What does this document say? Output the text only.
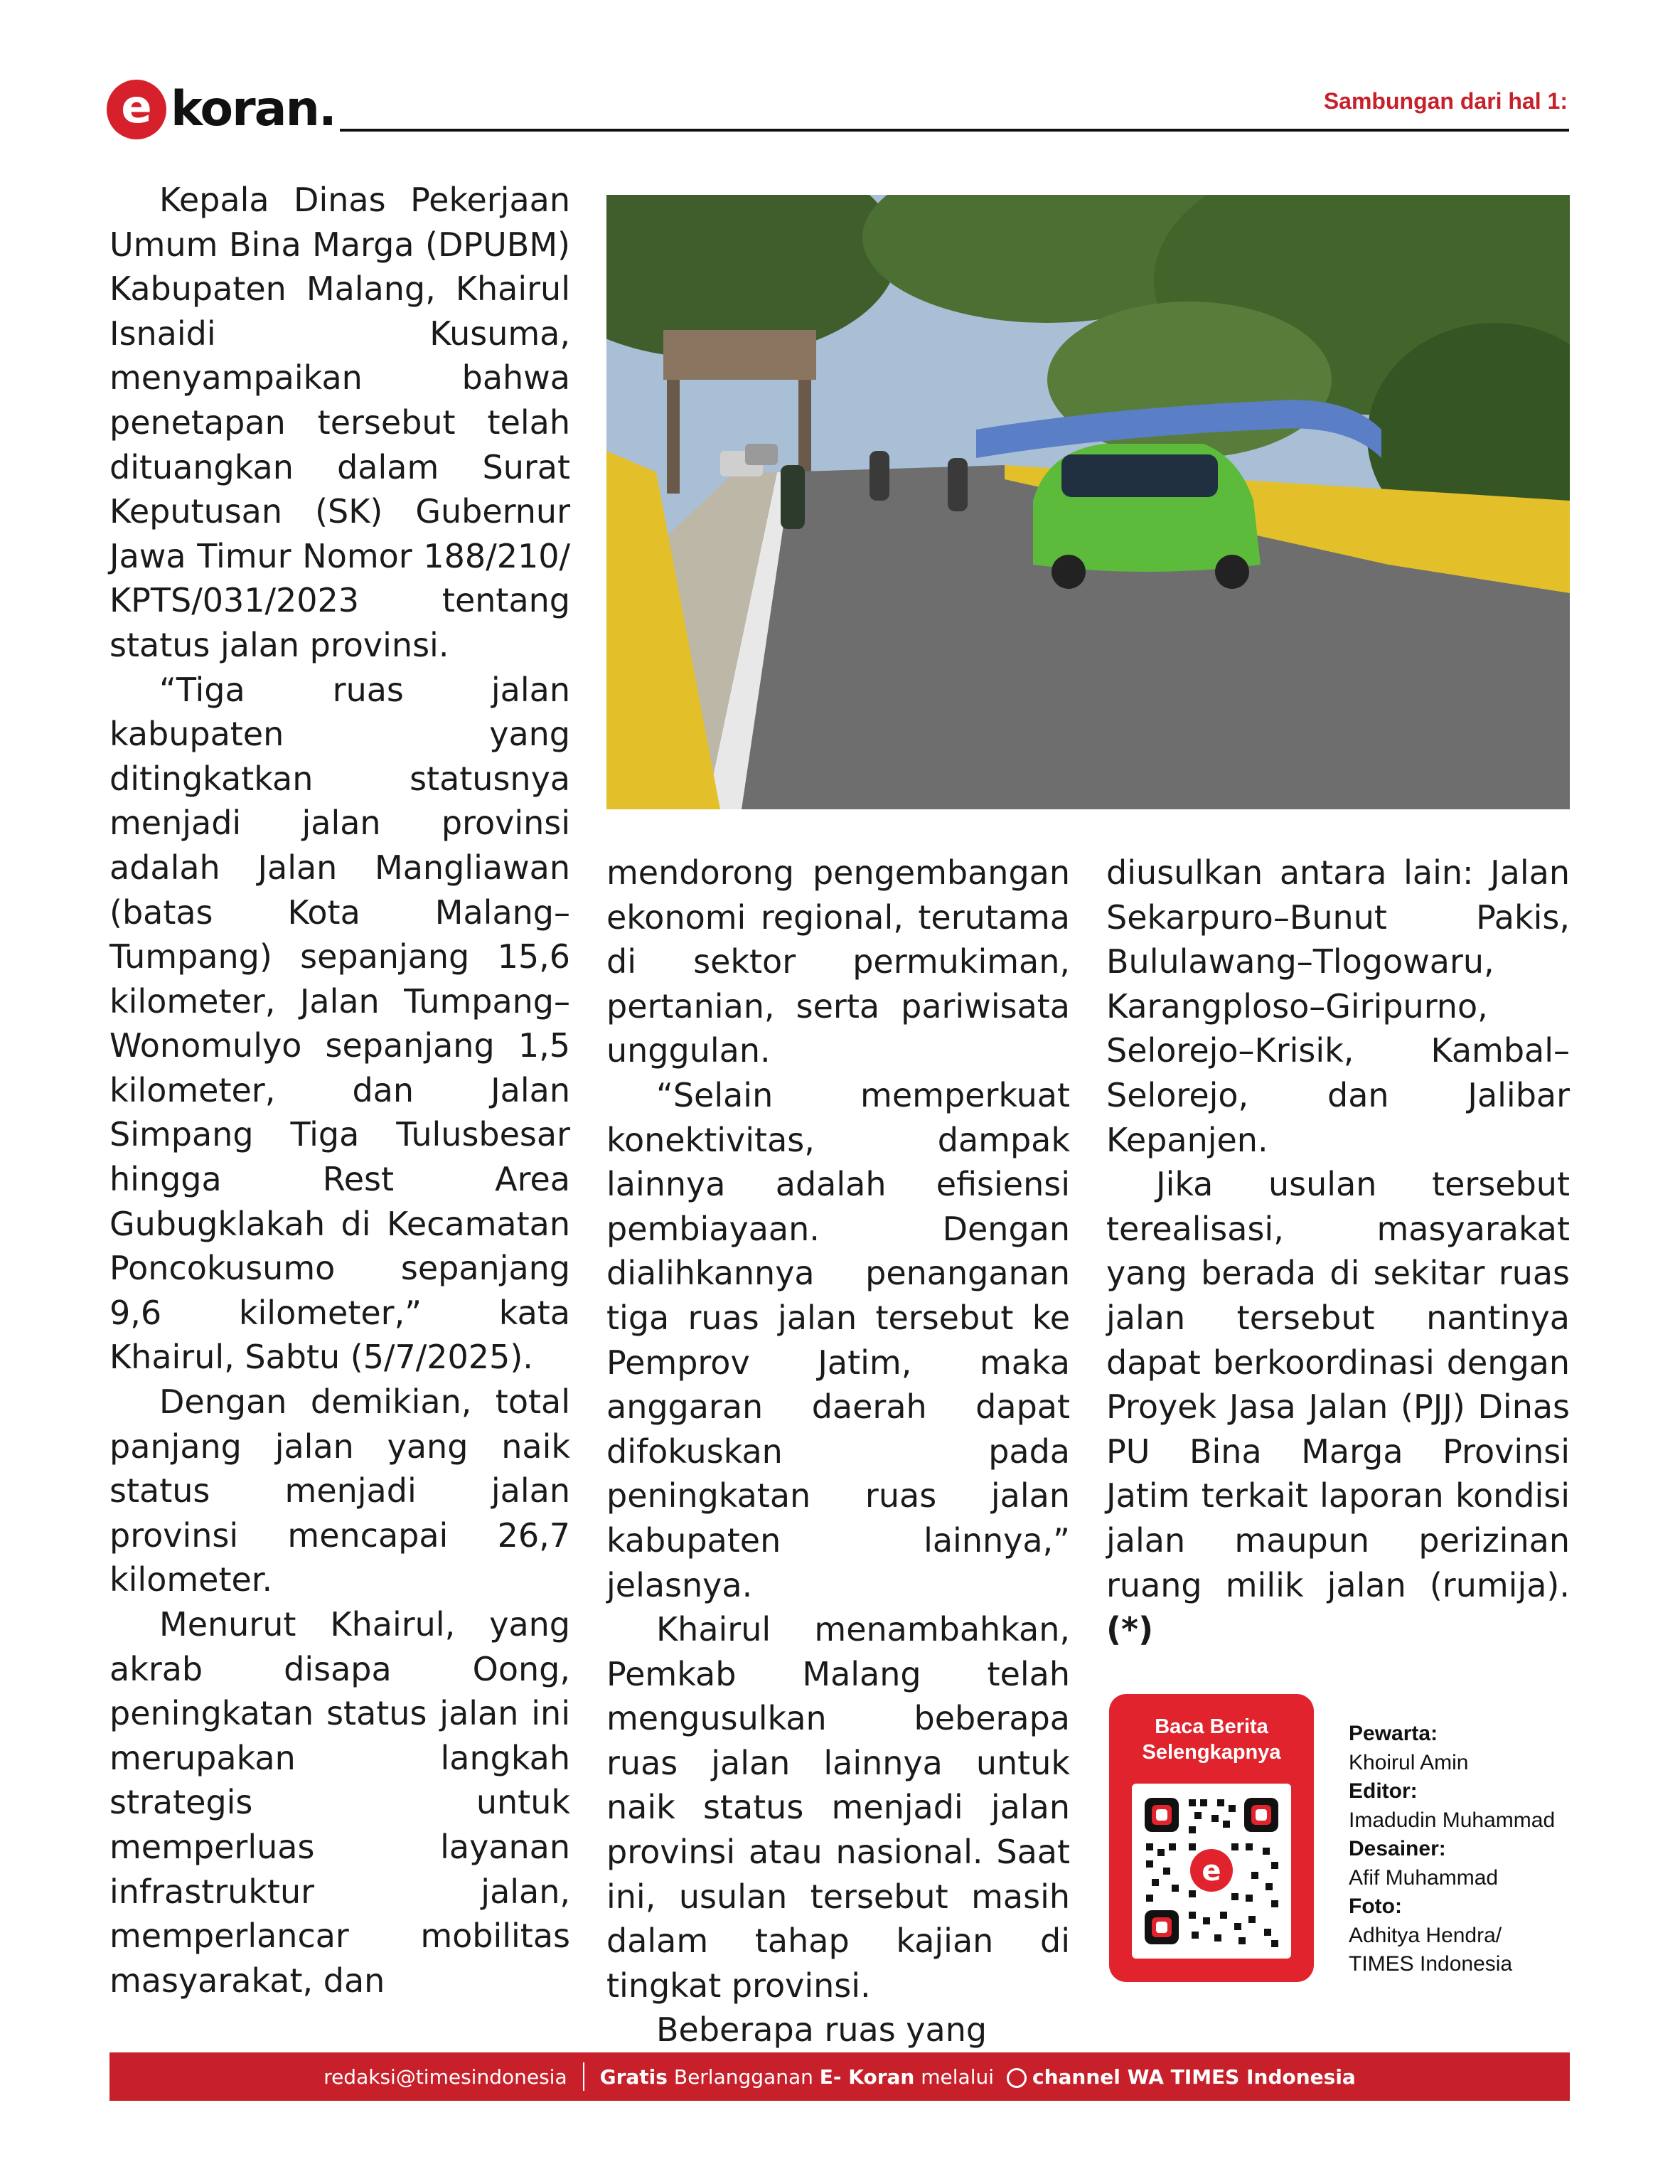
e koran.	Sambungan dari hal 1:

Kepala Dinas Pekerjaan Umum Bina Marga (DPUBM) Kabupaten Malang, Khairul Isnaidi Kusuma, menyampaikan bahwa penetapan tersebut telah dituangkan dalam Surat Keputusan (SK) Gubernur Jawa Timur Nomor 188/210/ KPTS/031/2023 tentang status jalan provinsi.

“Tiga ruas jalan kabupaten yang ditingkatkan statusnya menjadi jalan provinsi adalah Jalan Mangliawan (batas Kota Malang–Tumpang) sepanjang 15,6 kilometer, Jalan Tumpang–Wonomulyo sepanjang 1,5 kilometer, dan Jalan Simpang Tiga Tulusbesar hingga Rest Area Gubugklakah di Kecamatan Poncokusumo sepanjang 9,6 kilometer,” kata Khairul, Sabtu (5/7/2025).

Dengan demikian, total panjang jalan yang naik status menjadi jalan provinsi mencapai 26,7 kilometer.

Menurut Khairul, yang akrab disapa Oong, peningkatan status jalan ini merupakan langkah strategis untuk memperluas layanan infrastruktur jalan, memperlancar mobilitas masyarakat, dan

mendorong pengembangan ekonomi regional, terutama di sektor permukiman, pertanian, serta pariwisata unggulan.

“Selain memperkuat konektivitas, dampak lainnya adalah efisiensi pembiayaan. Dengan dialihkannya penanganan tiga ruas jalan tersebut ke Pemprov Jatim, maka anggaran daerah dapat difokuskan pada peningkatan ruas jalan kabupaten lainnya,” jelasnya.

Khairul menambahkan, Pemkab Malang telah mengusulkan beberapa ruas jalan lainnya untuk naik status menjadi jalan provinsi atau nasional. Saat ini, usulan tersebut masih dalam tahap kajian di tingkat provinsi.

Beberapa ruas yang

diusulkan antara lain: Jalan Sekarpuro–Bunut Pakis, Bululawang–Tlogowaru, Karangploso–Giripurno, Selorejo–Krisik, Kambal–Selorejo, dan Jalibar Kepanjen.

Jika usulan tersebut terealisasi, masyarakat yang berada di sekitar ruas jalan tersebut nantinya dapat berkoordinasi dengan Proyek Jasa Jalan (PJJ) Dinas PU Bina Marga Provinsi Jatim terkait laporan kondisi jalan maupun perizinan ruang milik jalan (rumija). (*)

Baca Berita
Selengkapnya
e
Pewarta:
Khoirul Amin
Editor:
Imadudin Muhammad
Desainer:
Afif Muhammad
Foto:
Adhitya Hendra/
TIMES Indonesia
redaksi@timesindonesia Gratis
Berlangganan
E- Koran
melalui channel WA TIMES Indonesia
